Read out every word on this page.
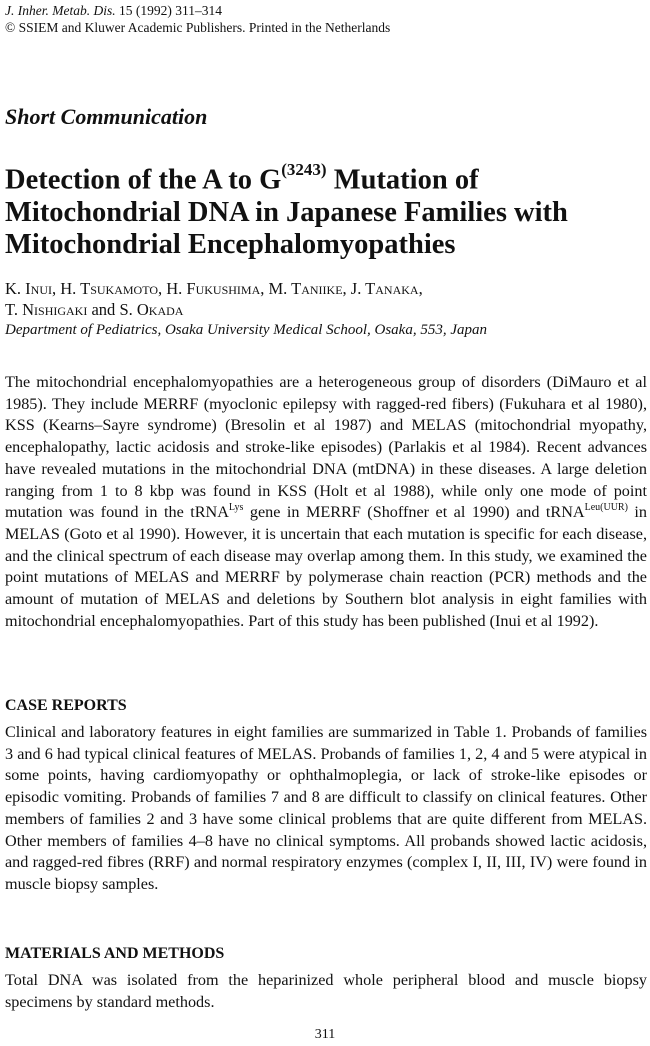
J. Inher. Metab. Dis. 15 (1992) 311–314
© SSIEM and Kluwer Academic Publishers. Printed in the Netherlands
Short Communication
Detection of the A to $G^{(3243)}$ Mutation of
Mitochondrial DNA in Japanese Families with
Mitochondrial Encephalomyopathies
K. Inui, H. Tsukamoto, H. Fukushima, M. Taniike, J. Tanaka,
T. Nishigaki and S. Okada
Department of Pediatrics, Osaka University Medical School, Osaka, 553, Japan
The mitochondrial encephalomyopathies are a heterogeneous group of disorders (DiMauro et al 1985). They include MERRF (myoclonic epilepsy with ragged-red fibers) (Fukuhara et al 1980), KSS (Kearns–Sayre syndrome) (Bresolin et al 1987) and MELAS (mitochondrial myopathy, encephalopathy, lactic acidosis and stroke-like episodes) (Parlakis et al 1984). Recent advances have revealed mutations in the mitochondrial DNA (mtDNA) in these diseases. A large deletion ranging from 1 to 8 kbp was found in KSS (Holt et al 1988), while only one mode of point mutation was found in the tRNA$^{Lys}$ gene in MERRF (Shoffner et al 1990) and tRNA$^{Leu(UUR)}$ in MELAS (Goto et al 1990). However, it is uncertain that each mutation is specific for each disease, and the clinical spectrum of each disease may overlap among them. In this study, we examined the point mutations of MELAS and MERRF by polymerase chain reaction (PCR) methods and the amount of mutation of MELAS and deletions by Southern blot analysis in eight families with mitochondrial encephalomyopathies. Part of this study has been published (Inui et al 1992).
CASE REPORTS
Clinical and laboratory features in eight families are summarized in Table 1. Probands of families 3 and 6 had typical clinical features of MELAS. Probands of families 1, 2, 4 and 5 were atypical in some points, having cardiomyopathy or ophthalmoplegia, or lack of stroke-like episodes or episodic vomiting. Probands of families 7 and 8 are difficult to classify on clinical features. Other members of families 2 and 3 have some clinical problems that are quite different from MELAS. Other members of families 4–8 have no clinical symptoms. All probands showed lactic acidosis, and ragged-red fibres (RRF) and normal respiratory enzymes (complex I, II, III, IV) were found in muscle biopsy samples.
MATERIALS AND METHODS
Total DNA was isolated from the heparinized whole peripheral blood and muscle biopsy specimens by standard methods.
311
